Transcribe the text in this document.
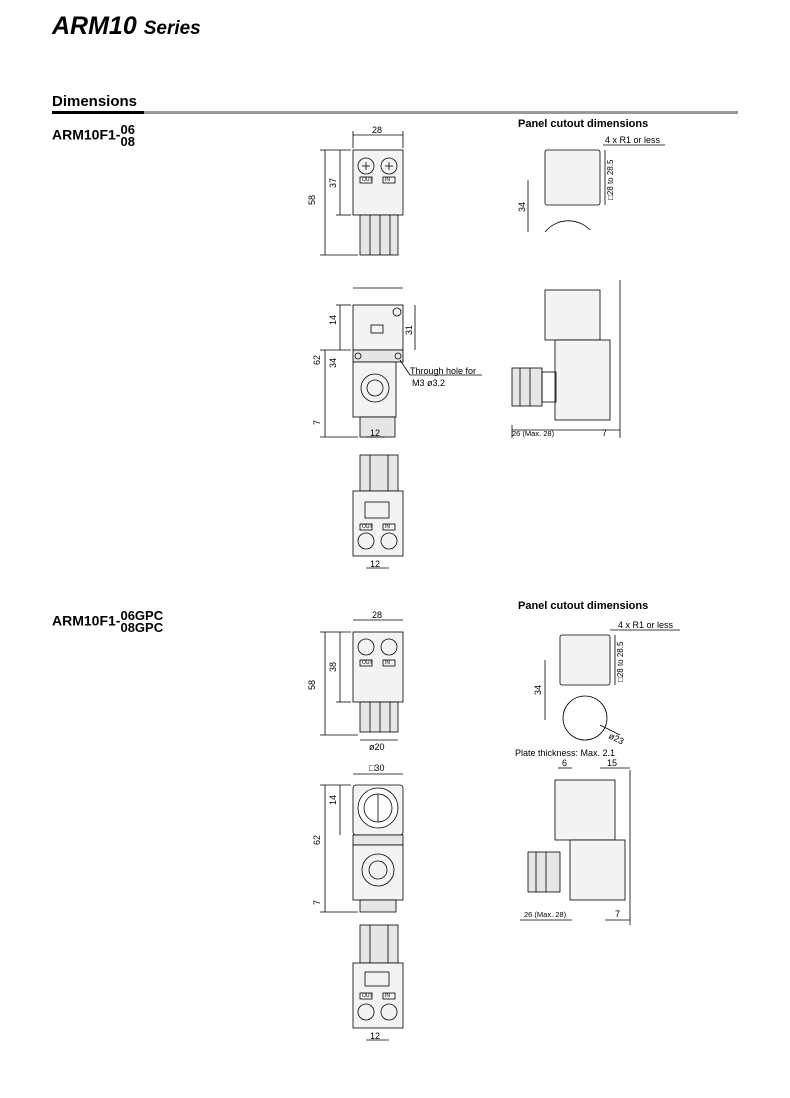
ARM10 Series
Dimensions
ARM10F1-06
08
ARM10F1-06GPC
08GPC
Panel cutout dimensions
Panel cutout dimensions
28
58
37
14
34
31
62
7
12
Through hole for
M3 ø3.2
12
OUT IN
OUT IN
4 x R1 or less
□28 to 28.5
34
26 (Max. 28)	7
28
58
38
ø20
OUT IN
□30
14
62
7
12
OUT IN
4 x R1 or less
□28 to 28.5
34
ø23
Plate thickness: Max. 2.1
6	15
26 (Max. 28)	7
